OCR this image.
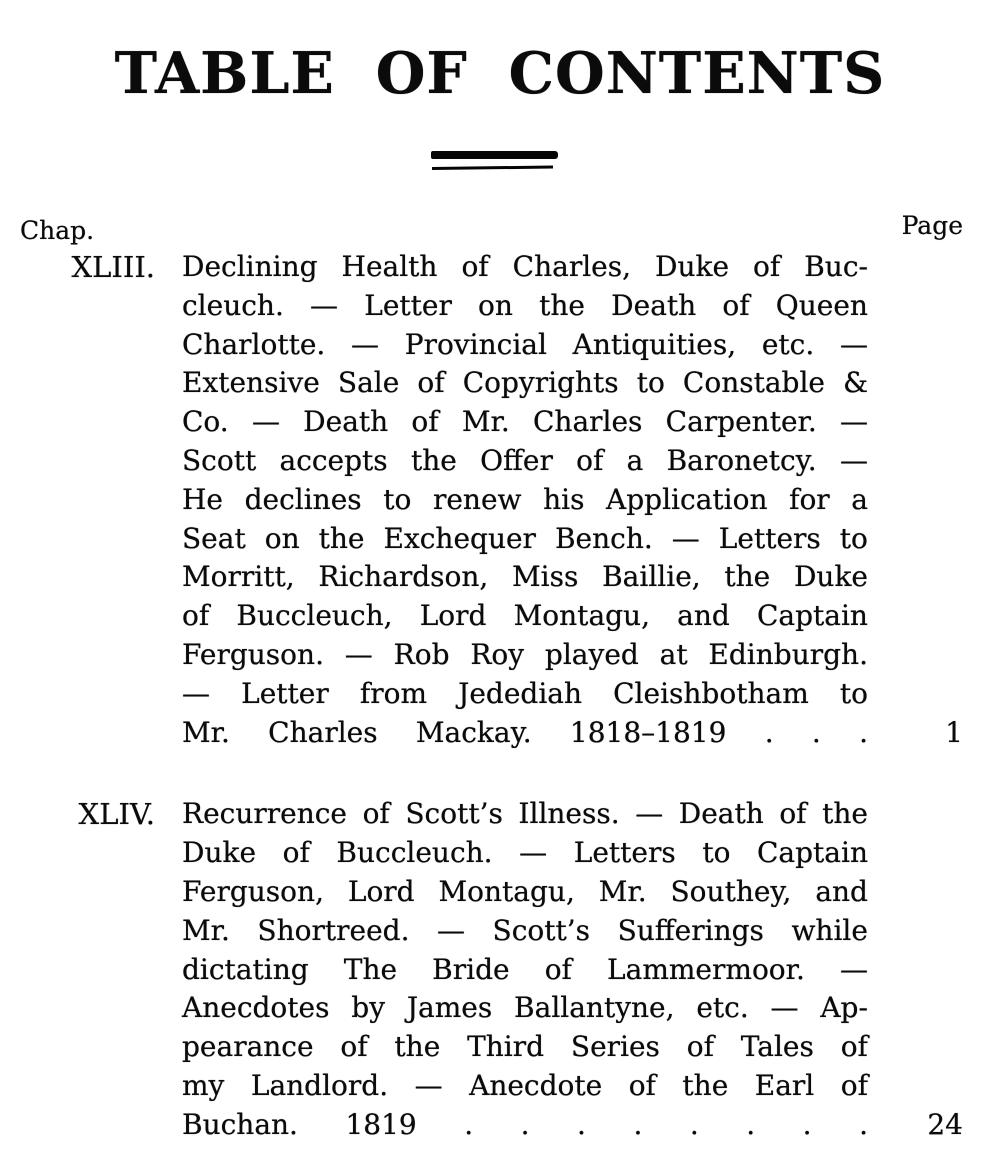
TABLE OF CONTENTS
Chap.	Page
XLIII. Declining Health of Charles, Duke of Buc-
cleuch. — Letter on the Death of Queen
Charlotte. — Provincial Antiquities, etc. —
Extensive Sale of Copyrights to Constable &
Co. — Death of Mr. Charles Carpenter. —
Scott accepts the Offer of a Baronetcy. —
He declines to renew his Application for a
Seat on the Exchequer Bench. — Letters to
Morritt, Richardson, Miss Baillie, the Duke
of Buccleuch, Lord Montagu, and Captain
Ferguson. — Rob Roy played at Edinburgh.
— Letter from Jedediah Cleishbotham to
Mr. Charles Mackay. 1818–1819 . . .	1
XLIV. Recurrence of Scott’s Illness. — Death of the
Duke of Buccleuch. — Letters to Captain
Ferguson, Lord Montagu, Mr. Southey, and
Mr. Shortreed. — Scott’s Sufferings while
dictating The Bride of Lammermoor. —
Anecdotes by James Ballantyne, etc. — Ap-
pearance of the Third Series of Tales of
my Landlord. — Anecdote of the Earl of
Buchan. 1819 . . . . . . . . 24
